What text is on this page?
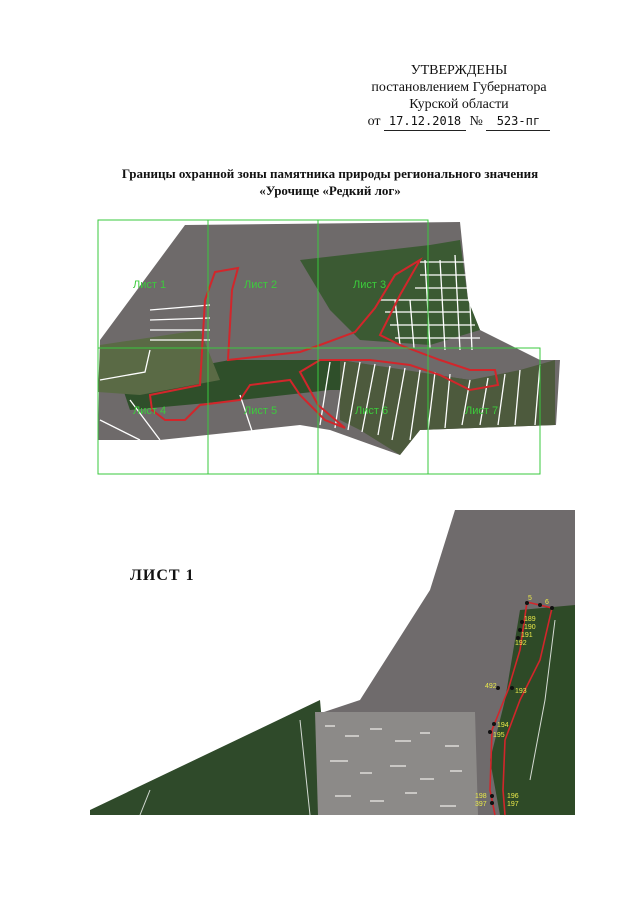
УТВЕРЖДЕНЫ
постановлением Губернатора
Курской области
от 17.12.2018 № 523-пг
Границы охранной зоны памятника природы регионального значения
«Урочище «Редкий лог»
Лист 1	Лист 2	Лист 3
Лист 4	Лист 5	Лист 6	Лист 7
ЛИСТ 1
5
6
189
190
191
192
193
492
194
195
197
196
198
397
